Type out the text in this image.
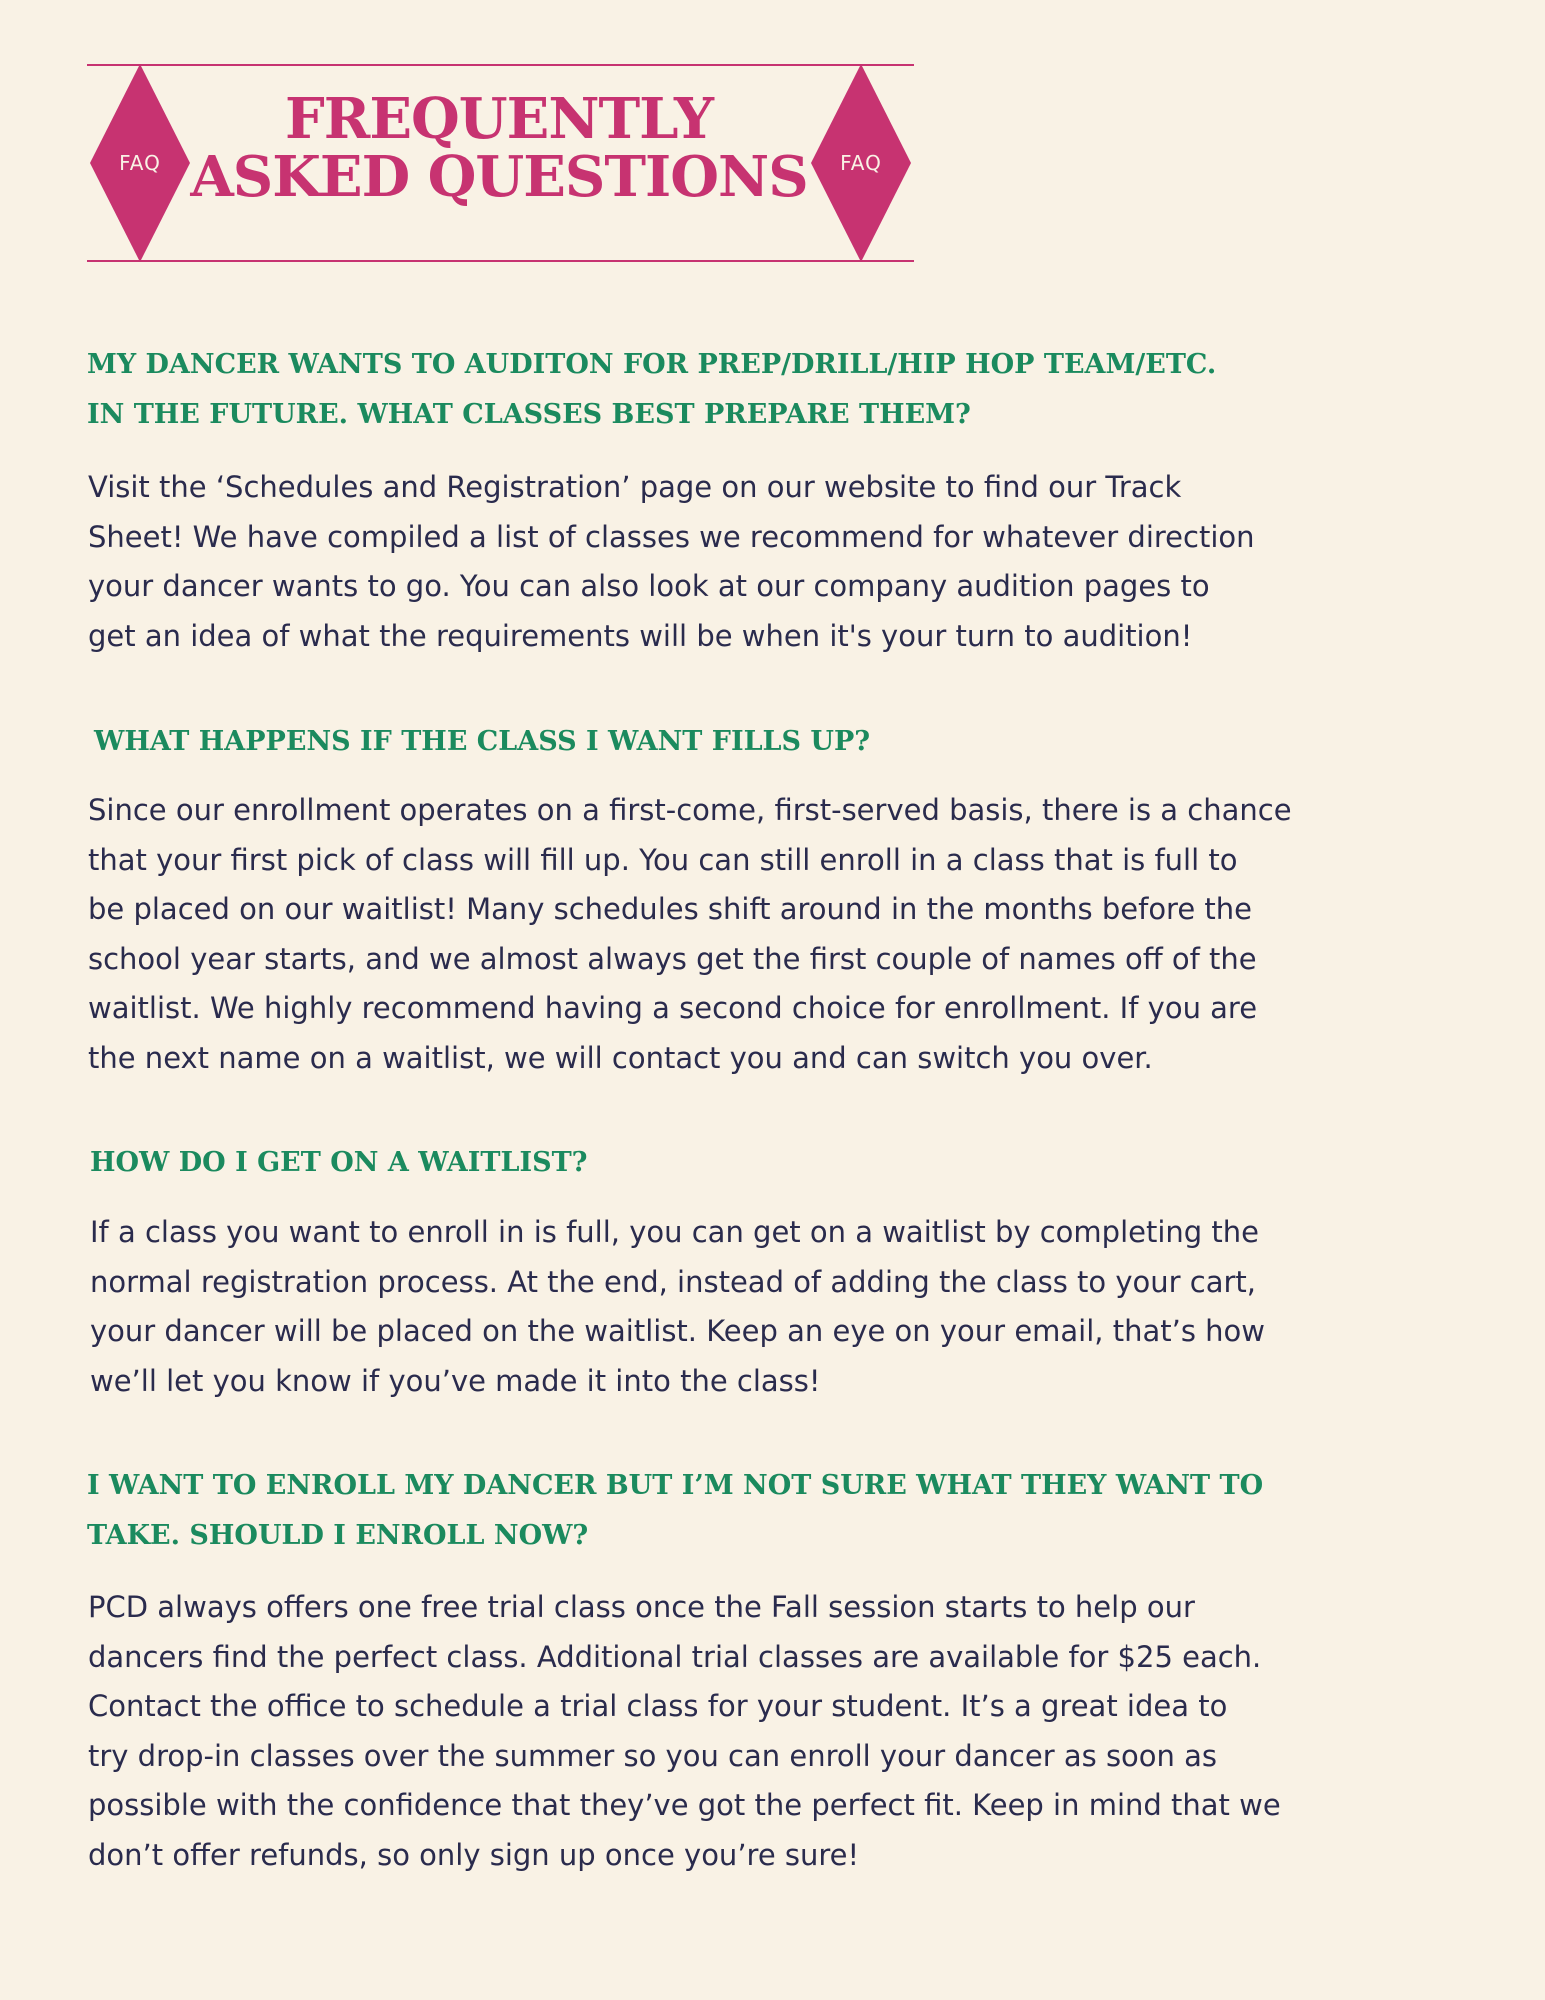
FAQ
FREQUENTLY
ASKED QUESTIONS	FAQ
MY DANCER WANTS TO AUDITON FOR PREP/DRILL/HIP HOP TEAM/ETC.
IN THE FUTURE. WHAT CLASSES BEST PREPARE THEM?

Visit the ‘Schedules and Registration’ page on our website to find our Track
Sheet! We have compiled a list of classes we recommend for whatever direction
your dancer wants to go. You can also look at our company audition pages to
get an idea of what the requirements will be when it's your turn to audition!

WHAT HAPPENS IF THE CLASS I WANT FILLS UP?

Since our enrollment operates on a first-come, first-served basis, there is a chance
that your first pick of class will fill up. You can still enroll in a class that is full to
be placed on our waitlist! Many schedules shift around in the months before the
school year starts, and we almost always get the first couple of names off of the
waitlist. We highly recommend having a second choice for enrollment. If you are
the next name on a waitlist, we will contact you and can switch you over.

HOW DO I GET ON A WAITLIST?

If a class you want to enroll in is full, you can get on a waitlist by completing the
normal registration process. At the end, instead of adding the class to your cart,
your dancer will be placed on the waitlist. Keep an eye on your email, that’s how
we’ll let you know if you’ve made it into the class!

I WANT TO ENROLL MY DANCER BUT I’M NOT SURE WHAT THEY WANT TO
TAKE. SHOULD I ENROLL NOW?

PCD always offers one free trial class once the Fall session starts to help our
dancers find the perfect class. Additional trial classes are available for $25 each.
Contact the office to schedule a trial class for your student. It’s a great idea to
try drop-in classes over the summer so you can enroll your dancer as soon as
possible with the confidence that they’ve got the perfect fit. Keep in mind that we
don’t offer refunds, so only sign up once you’re sure!
